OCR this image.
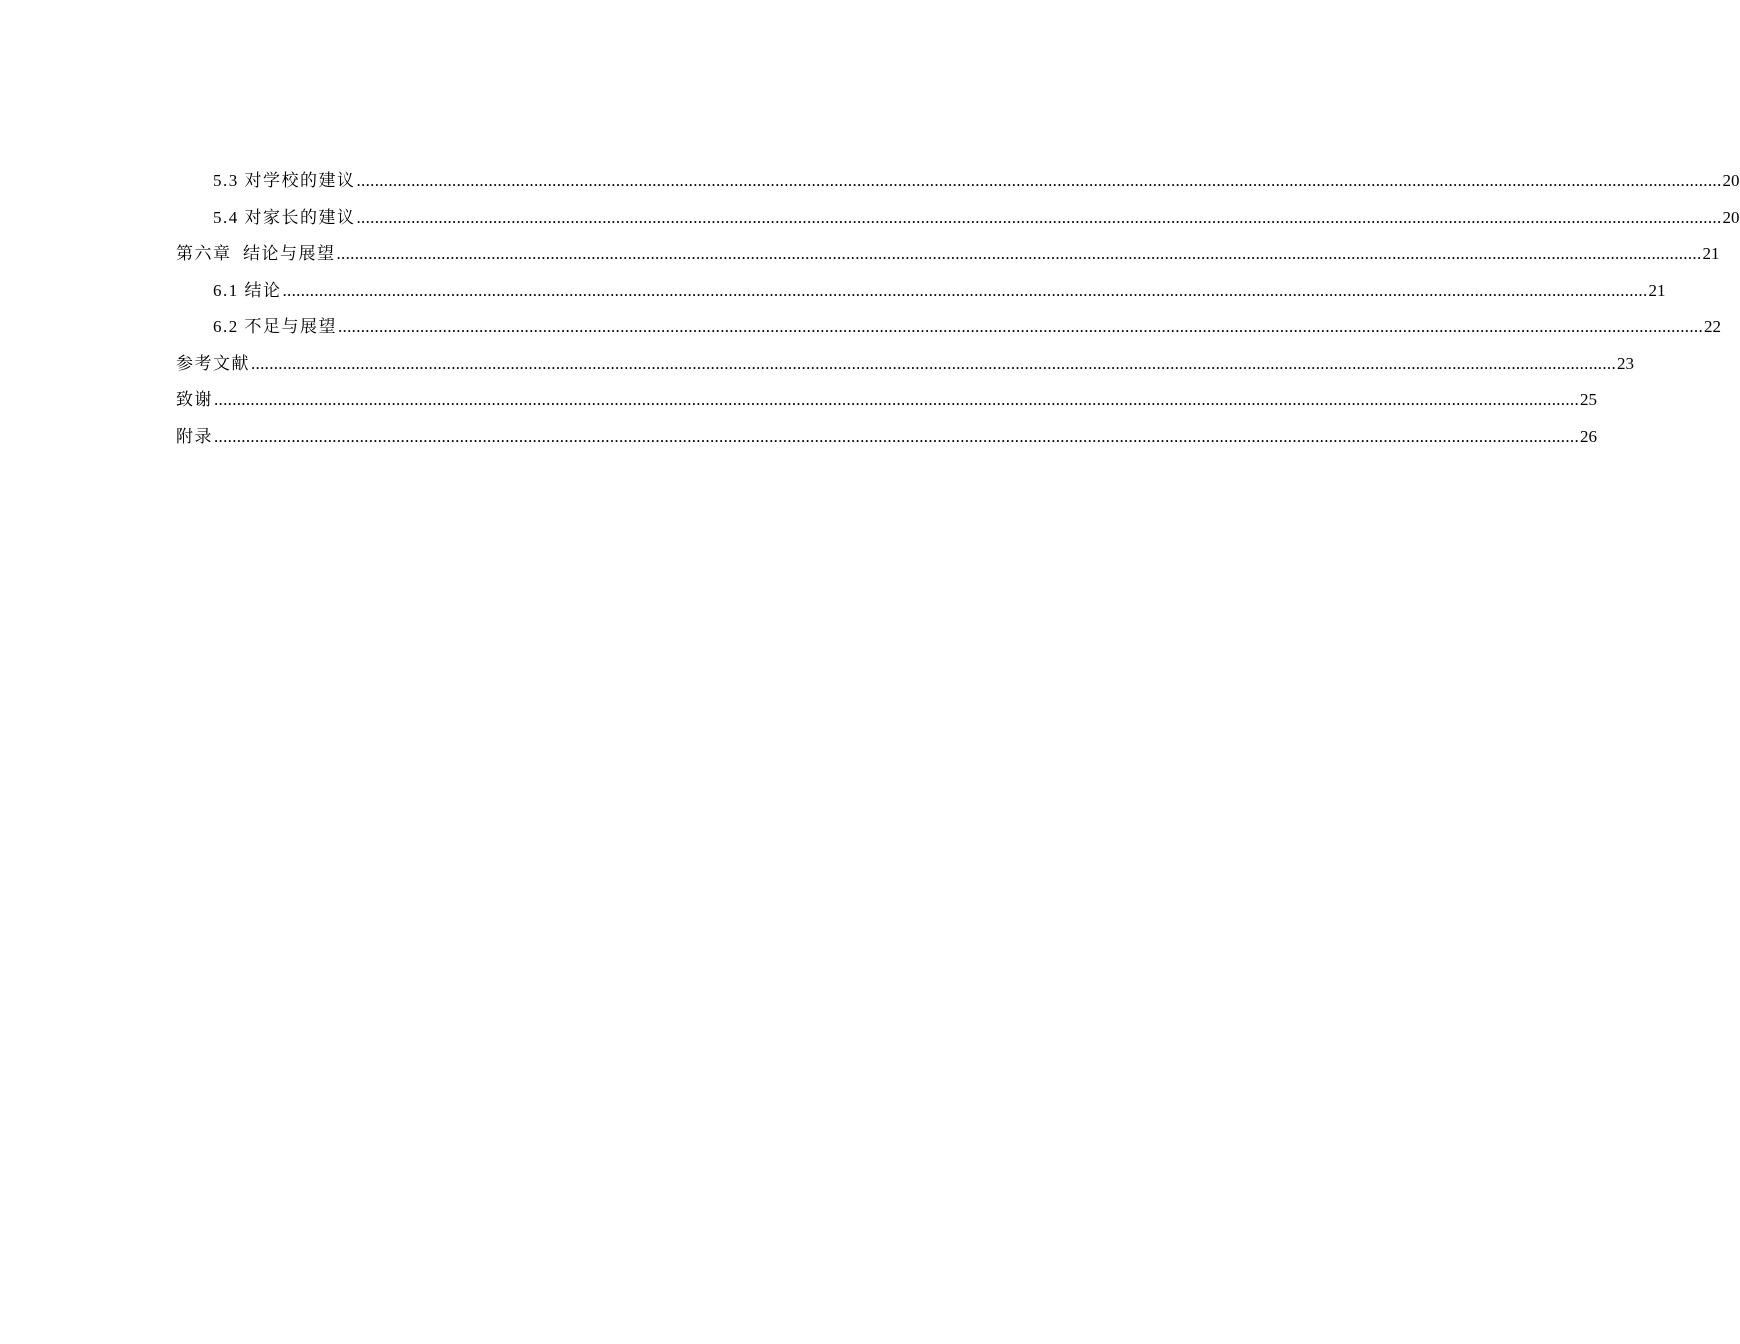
5.3 对学校的建议 ............................................................................................................................................................................................................................................................................................................ 20
5.4 对家长的建议 ............................................................................................................................................................................................................................................................................................................ 20
第六章  结论与展望 ............................................................................................................................................................................................................................................................................................................ 21
6.1 结论 ............................................................................................................................................................................................................................................................................................................ 21
6.2 不足与展望 ............................................................................................................................................................................................................................................................................................................ 22
参考文献 ............................................................................................................................................................................................................................................................................................................ 23
致谢 ............................................................................................................................................................................................................................................................................................................ 25
附录 ............................................................................................................................................................................................................................................................................................................ 26
